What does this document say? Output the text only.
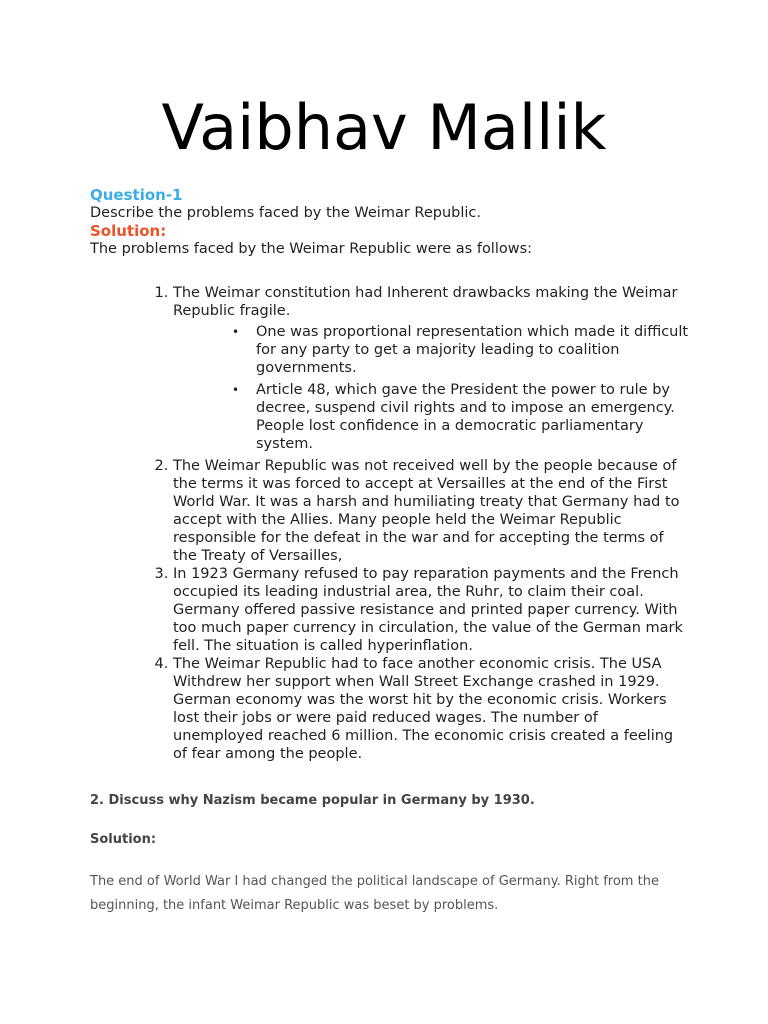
Vaibhav Mallik

Question-1

Describe the problems faced by the Weimar Republic.

Solution:

The problems faced by the Weimar Republic were as follows:

1. The Weimar constitution had Inherent drawbacks making the Weimar Republic fragile.
• One was proportional representation which made it difficult for any party to get a majority leading to coalition governments.
• Article 48, which gave the President the power to rule by decree, suspend civil rights and to impose an emergency.
People lost confidence in a democratic parliamentary system.
2. The Weimar Republic was not received well by the people because of the terms it was forced to accept at Versailles at the end of the First World War. It was a harsh and humiliating treaty that Germany had to accept with the Allies. Many people held the Weimar Republic responsible for the defeat in the war and for accepting the terms of the Treaty of Versailles,
3. In 1923 Germany refused to pay reparation payments and the French occupied its leading industrial area, the Ruhr, to claim their coal. Germany offered passive resistance and printed paper currency. With too much paper currency in circulation, the value of the German mark fell. The situation is called hyperinflation.
4. The Weimar Republic had to face another economic crisis. The USA Withdrew her support when Wall Street Exchange crashed in 1929. German economy was the worst hit by the economic crisis. Workers lost their jobs or were paid reduced wages. The number of unemployed reached 6 million. The economic crisis created a feeling of fear among the people.

2. Discuss why Nazism became popular in Germany by 1930.

Solution:

The end of World War I had changed the political landscape of Germany. Right from the beginning, the infant Weimar Republic was beset by problems.
